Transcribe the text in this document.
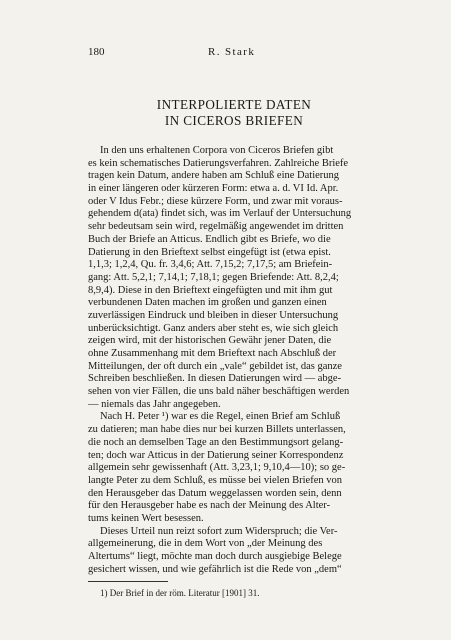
180	R. Stark
INTERPOLIERTE DATEN
IN CICEROS BRIEFEN
In den uns erhaltenen Corpora von Ciceros Briefen gibt
es kein schematisches Datierungsverfahren. Zahlreiche Briefe
tragen kein Datum, andere haben am Schluß eine Datierung
in einer längeren oder kürzeren Form: etwa a. d. VI Id. Apr.
oder V Idus Febr.; diese kürzere Form, und zwar mit voraus-
gehendem d(ata) findet sich, was im Verlauf der Untersuchung
sehr bedeutsam sein wird, regelmäßig angewendet im dritten
Buch der Briefe an Atticus. Endlich gibt es Briefe, wo die
Datierung in den Brieftext selbst eingefügt ist (etwa epist.
1,1,3; 1,2,4, Qu. fr. 3,4,6; Att. 7,15,2; 7,17,5; am Briefein-
gang: Att. 5,2,1; 7,14,1; 7,18,1; gegen Briefende: Att. 8,2,4;
8,9,4). Diese in den Brieftext eingefügten und mit ihm gut
verbundenen Daten machen im großen und ganzen einen
zuverlässigen Eindruck und bleiben in dieser Untersuchung
unberücksichtigt. Ganz anders aber steht es, wie sich gleich
zeigen wird, mit der historischen Gewähr jener Daten, die
ohne Zusammenhang mit dem Brieftext nach Abschluß der
Mitteilungen, der oft durch ein „vale“ gebildet ist, das ganze
Schreiben beschließen. In diesen Datierungen wird — abge-
sehen von vier Fällen, die uns bald näher beschäftigen werden
— niemals das Jahr angegeben.
Nach H. Peter ¹) war es die Regel, einen Brief am Schluß
zu datieren; man habe dies nur bei kurzen Billets unterlassen,
die noch an demselben Tage an den Bestimmungsort gelang-
ten; doch war Atticus in der Datierung seiner Korrespondenz
allgemein sehr gewissenhaft (Att. 3,23,1; 9,10,4—10); so ge-
langte Peter zu dem Schluß, es müsse bei vielen Briefen von
den Herausgeber das Datum weggelassen worden sein, denn
für den Herausgeber habe es nach der Meinung des Alter-
tums keinen Wert besessen.
Dieses Urteil nun reizt sofort zum Widerspruch; die Ver-
allgemeinerung, die in dem Wort von „der Meinung des
Altertums“ liegt, möchte man doch durch ausgiebige Belege
gesichert wissen, und wie gefährlich ist die Rede von „dem“
1) Der Brief in der röm. Literatur [1901] 31.
